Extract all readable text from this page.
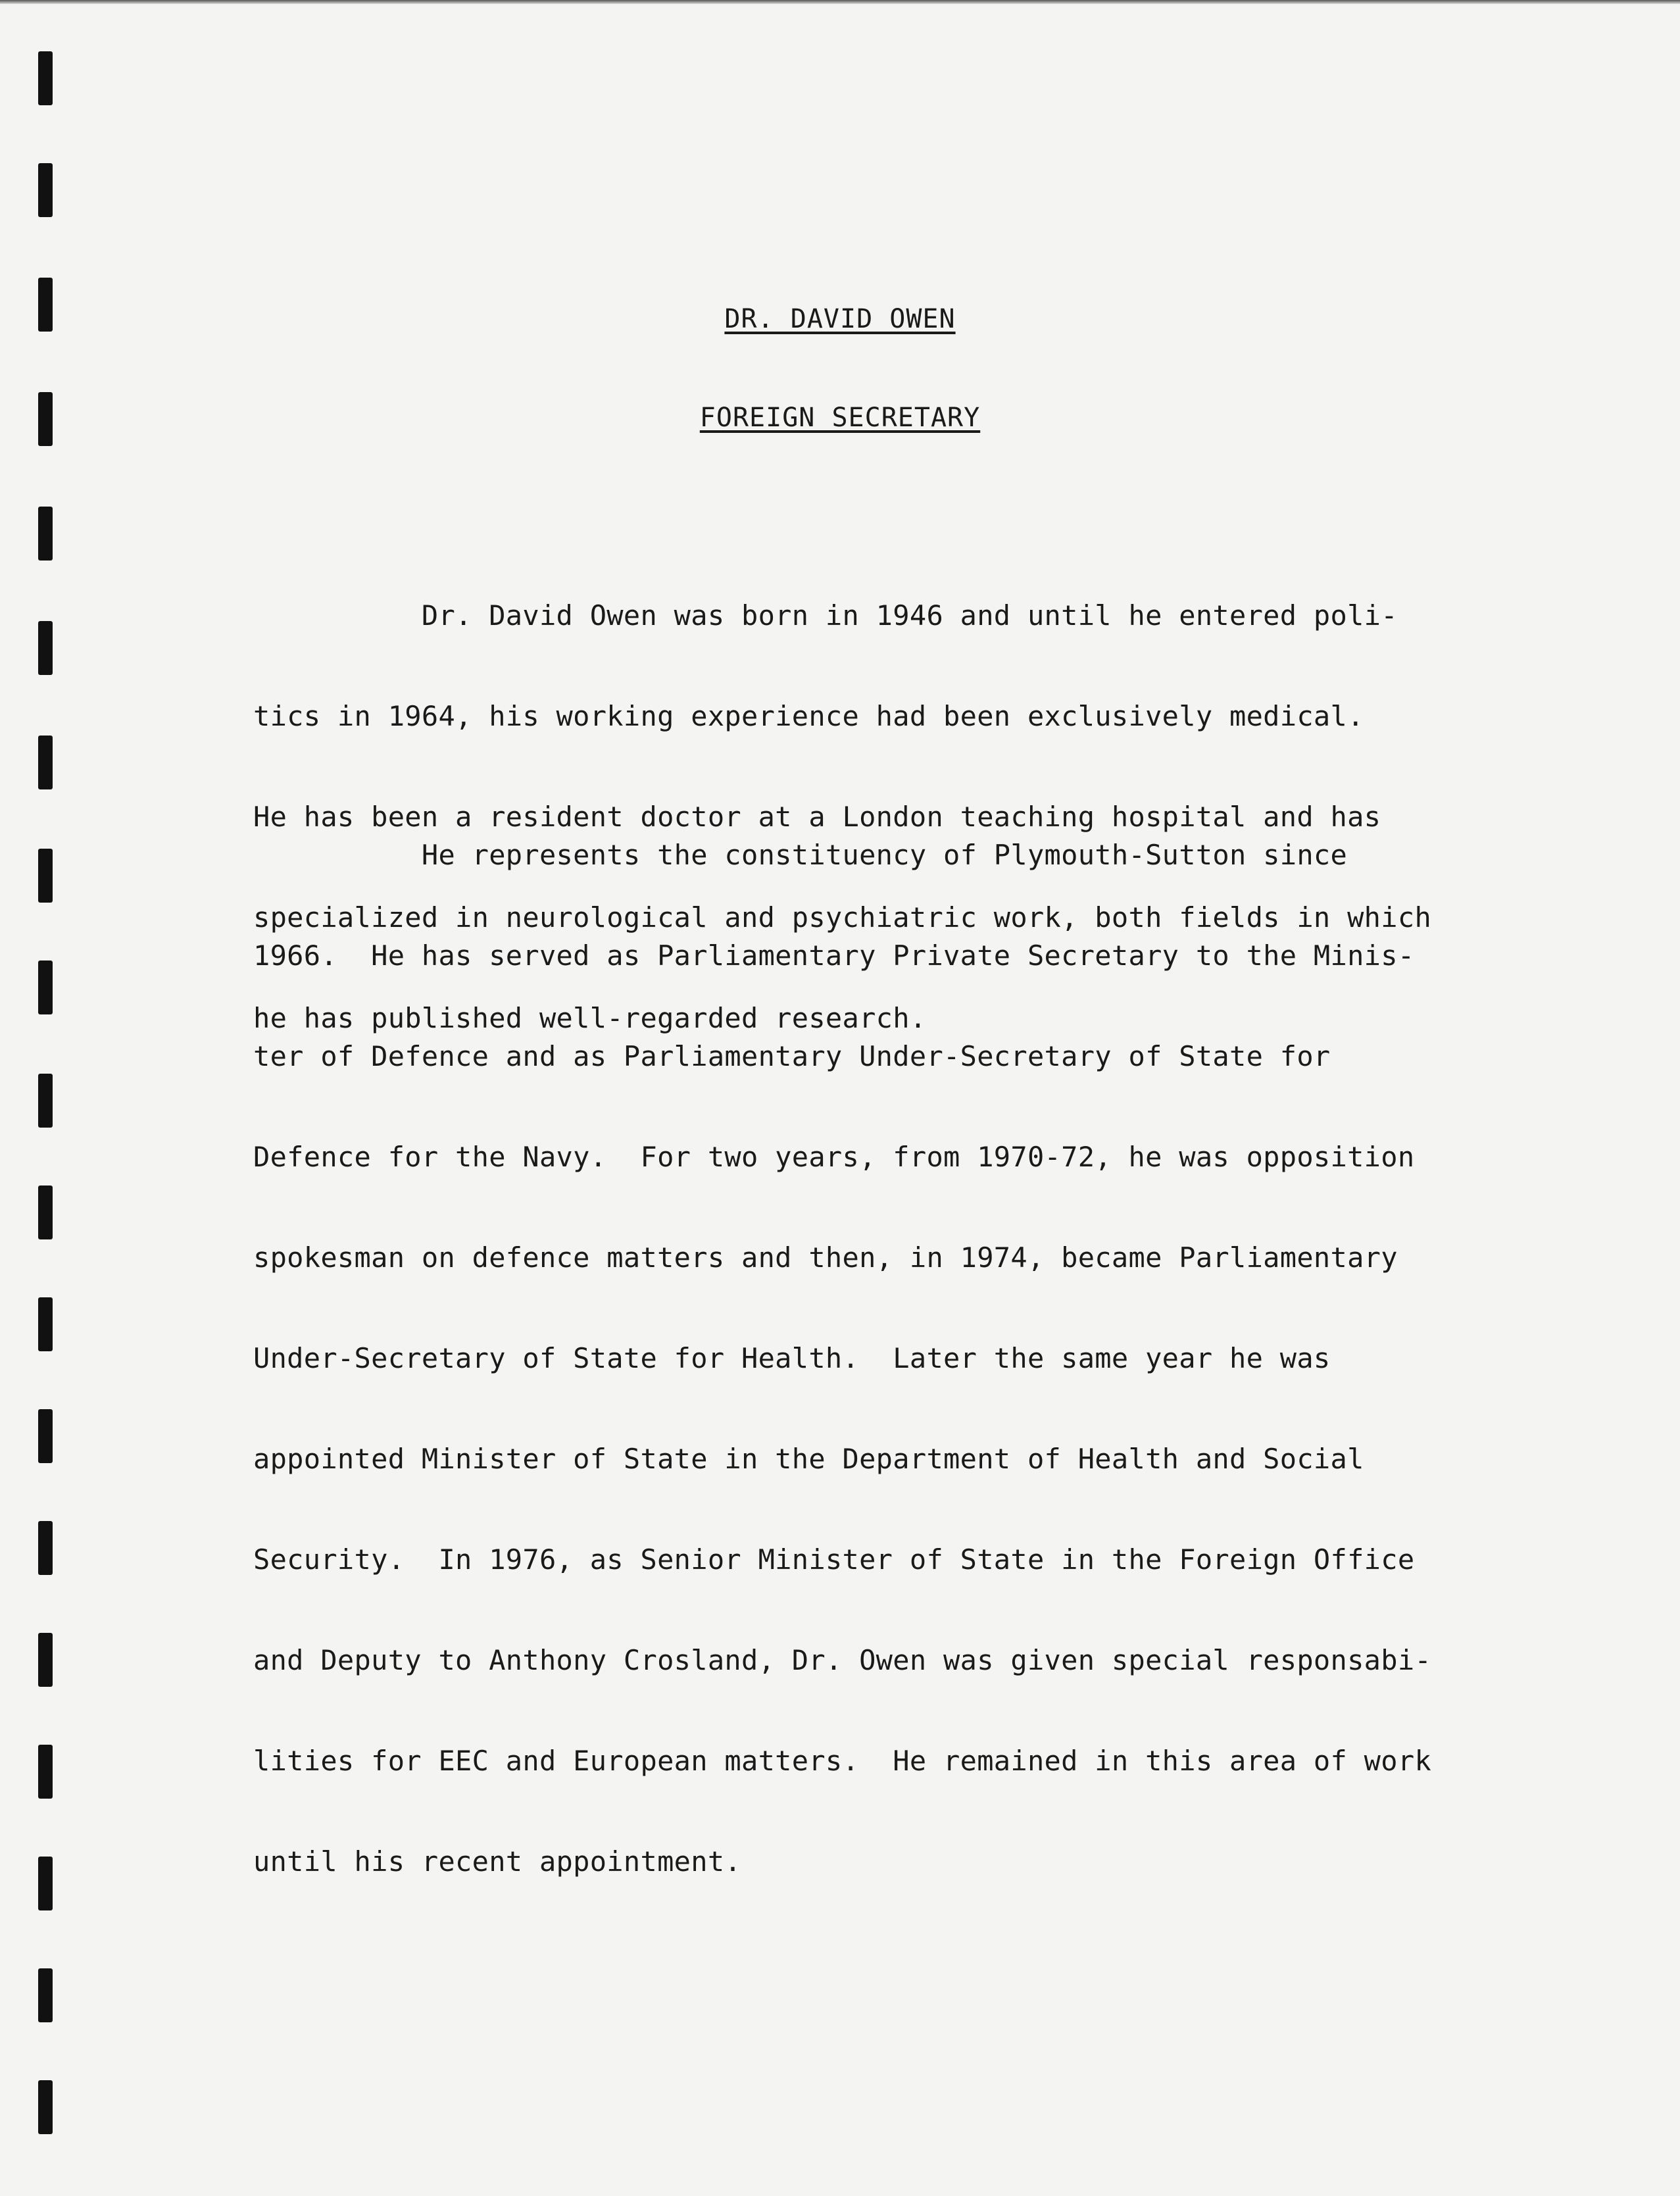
DR. DAVID OWEN
FOREIGN SECRETARY

Dr. David Owen was born in 1946 and until he entered poli-

tics in 1964, his working experience had been exclusively medical.

He has been a resident doctor at a London teaching hospital and has

specialized in neurological and psychiatric work, both fields in which

he has published well-regarded research.

He represents the constituency of Plymouth-Sutton since

1966.  He has served as Parliamentary Private Secretary to the Minis-

ter of Defence and as Parliamentary Under-Secretary of State for

Defence for the Navy.  For two years, from 1970-72, he was opposition

spokesman on defence matters and then, in 1974, became Parliamentary

Under-Secretary of State for Health.  Later the same year he was

appointed Minister of State in the Department of Health and Social

Security.  In 1976, as Senior Minister of State in the Foreign Office

and Deputy to Anthony Crosland, Dr. Owen was given special responsabi-

lities for EEC and European matters.  He remained in this area of work

until his recent appointment.
